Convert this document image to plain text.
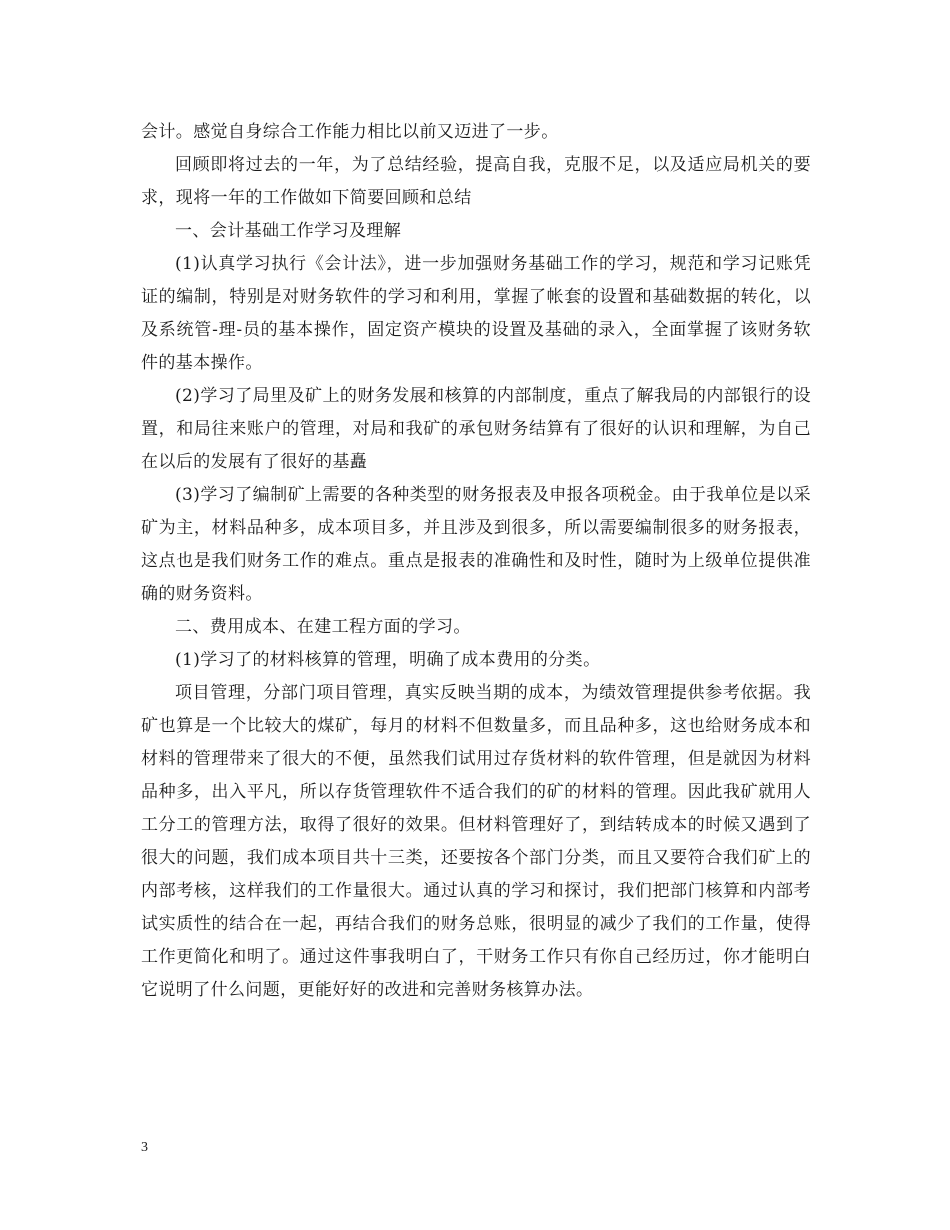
会计。感觉自身综合工作能力相比以前又迈进了一步。

回顾即将过去的一年，为了总结经验，提高自我，克服不足，以及适应局机关的要求，现将一年的工作做如下简要回顾和总结

一、会计基础工作学习及理解

(1)认真学习执行《会计法》，进一步加强财务基础工作的学习，规范和学习记账凭证的编制，特别是对财务软件的学习和利用，掌握了帐套的设置和基础数据的转化，以及系统管-理-员的基本操作，固定资产模块的设置及基础的录入，全面掌握了该财务软件的基本操作。

(2)学习了局里及矿上的财务发展和核算的内部制度，重点了解我局的内部银行的设置，和局往来账户的管理，对局和我矿的承包财务结算有了很好的认识和理解，为自己在以后的发展有了很好的基矗

(3)学习了编制矿上需要的各种类型的财务报表及申报各项税金。由于我单位是以采矿为主，材料品种多，成本项目多，并且涉及到很多，所以需要编制很多的财务报表，这点也是我们财务工作的难点。重点是报表的准确性和及时性，随时为上级单位提供准确的财务资料。

二、费用成本、在建工程方面的学习。

(1)学习了的材料核算的管理，明确了成本费用的分类。

项目管理，分部门项目管理，真实反映当期的成本，为绩效管理提供参考依据。我矿也算是一个比较大的煤矿，每月的材料不但数量多，而且品种多，这也给财务成本和材料的管理带来了很大的不便，虽然我们试用过存货材料的软件管理，但是就因为材料品种多，出入平凡，所以存货管理软件不适合我们的矿的材料的管理。因此我矿就用人工分工的管理方法，取得了很好的效果。但材料管理好了，到结转成本的时候又遇到了很大的问题，我们成本项目共十三类，还要按各个部门分类，而且又要符合我们矿上的内部考核，这样我们的工作量很大。通过认真的学习和探讨，我们把部门核算和内部考试实质性的结合在一起，再结合我们的财务总账，很明显的减少了我们的工作量，使得工作更简化和明了。通过这件事我明白了，干财务工作只有你自己经历过，你才能明白它说明了什么问题，更能好好的改进和完善财务核算办法。

3
